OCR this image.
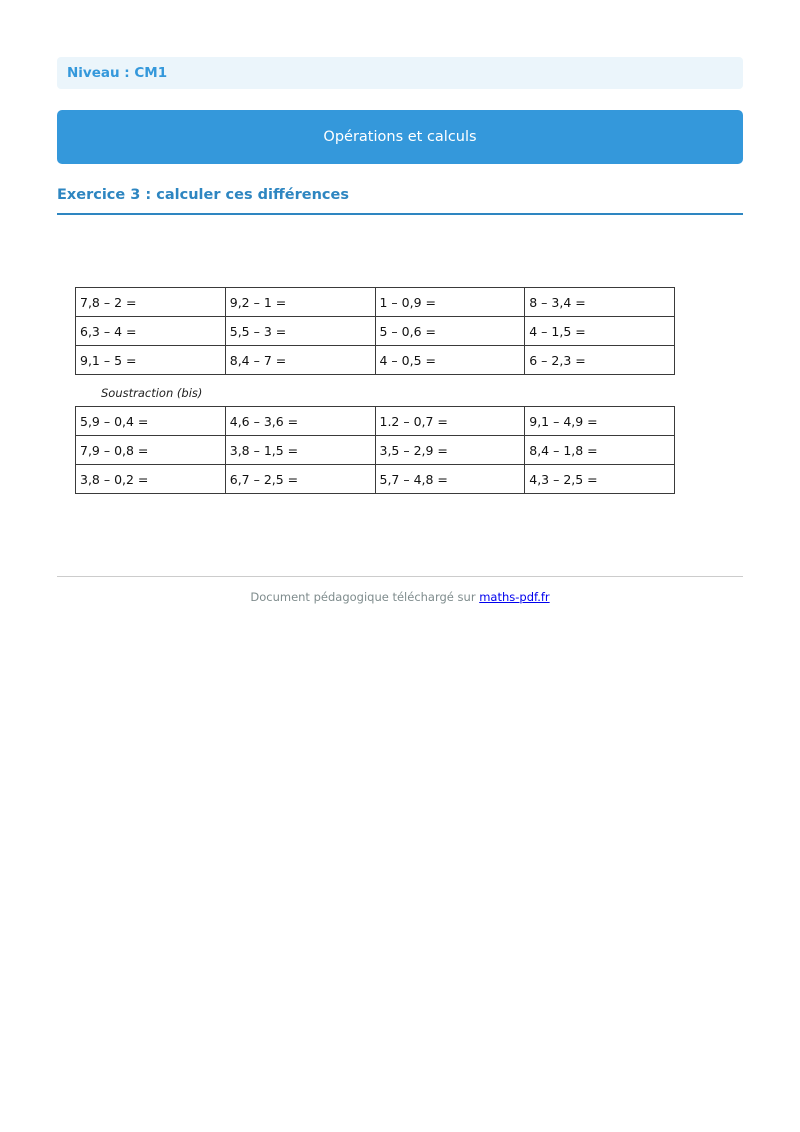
Niveau : CM1
Opérations et calculs
Exercice 3 : calculer ces différences
7,8 – 2 =	9,2 – 1 =	1 – 0,9 =	8 – 3,4 =
6,3 – 4 =	5,5 – 3 =	5 – 0,6 =	4 – 1,5 =
9,1 – 5 =	8,4 – 7 =	4 – 0,5 =	6 – 2,3 =
Soustraction (bis)
5,9 – 0,4 =	4,6 – 3,6 =	1.2 – 0,7 =	9,1 – 4,9 =
7,9 – 0,8 =	3,8 – 1,5 =	3,5 – 2,9 =	8,4 – 1,8 =
3,8 – 0,2 =	6,7 – 2,5 =	5,7 – 4,8 =	4,3 – 2,5 =
Document pédagogique téléchargé sur maths-pdf.fr
